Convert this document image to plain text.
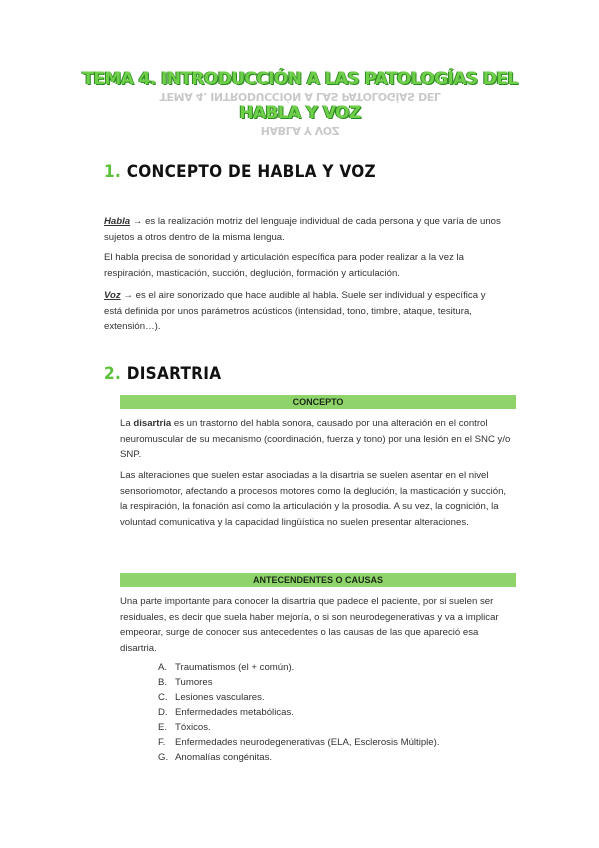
TEMA 4. INTRODUCCIÓN A LAS PATOLOGÍAS DEL
TEMA 4. INTRODUCCIÓN A LAS PATOLOGÍAS DEL
HABLA Y VOZ
HABLA Y VOZ
1. CONCEPTO DE HABLA Y VOZ
Habla → es la realización motriz del lenguaje individual de cada persona y que varía de unos sujetos a otros dentro de la misma lengua.
El habla precisa de sonoridad y articulación específica para poder realizar a la vez la respiración, masticación, succión, deglución, formación y articulación.
Voz → es el aire sonorizado que hace audible al habla. Suele ser individual y específica y está definida por unos parámetros acústicos (intensidad, tono, timbre, ataque, tesitura, extensión…).
2. DISARTRIA
CONCEPTO
La disartria es un trastorno del habla sonora, causado por una alteración en el control neuromuscular de su mecanismo (coordinación, fuerza y tono) por una lesión en el SNC y/o SNP.
Las alteraciones que suelen estar asociadas a la disartria se suelen asentar en el nivel sensoriomotor, afectando a procesos motores como la deglución, la masticación y succión, la respiración, la fonación así como la articulación y la prosodia. A su vez, la cognición, la voluntad comunicativa y la capacidad lingüística no suelen presentar alteraciones.
ANTECENDENTES O CAUSAS
Una parte importante para conocer la disartria que padece el paciente, por si suelen ser residuales, es decir que suela haber mejoría, o si son neurodegenerativas y va a implicar empeorar, surge de conocer sus antecedentes o las causas de las que apareció esa disartria.
A. Traumatismos (el + común).
B. Tumores
C. Lesiones vasculares.
D. Enfermedades metabólicas.
E. Tóxicos.
F. Enfermedades neurodegenerativas (ELA, Esclerosis Múltiple).
G. Anomalías congénitas.
